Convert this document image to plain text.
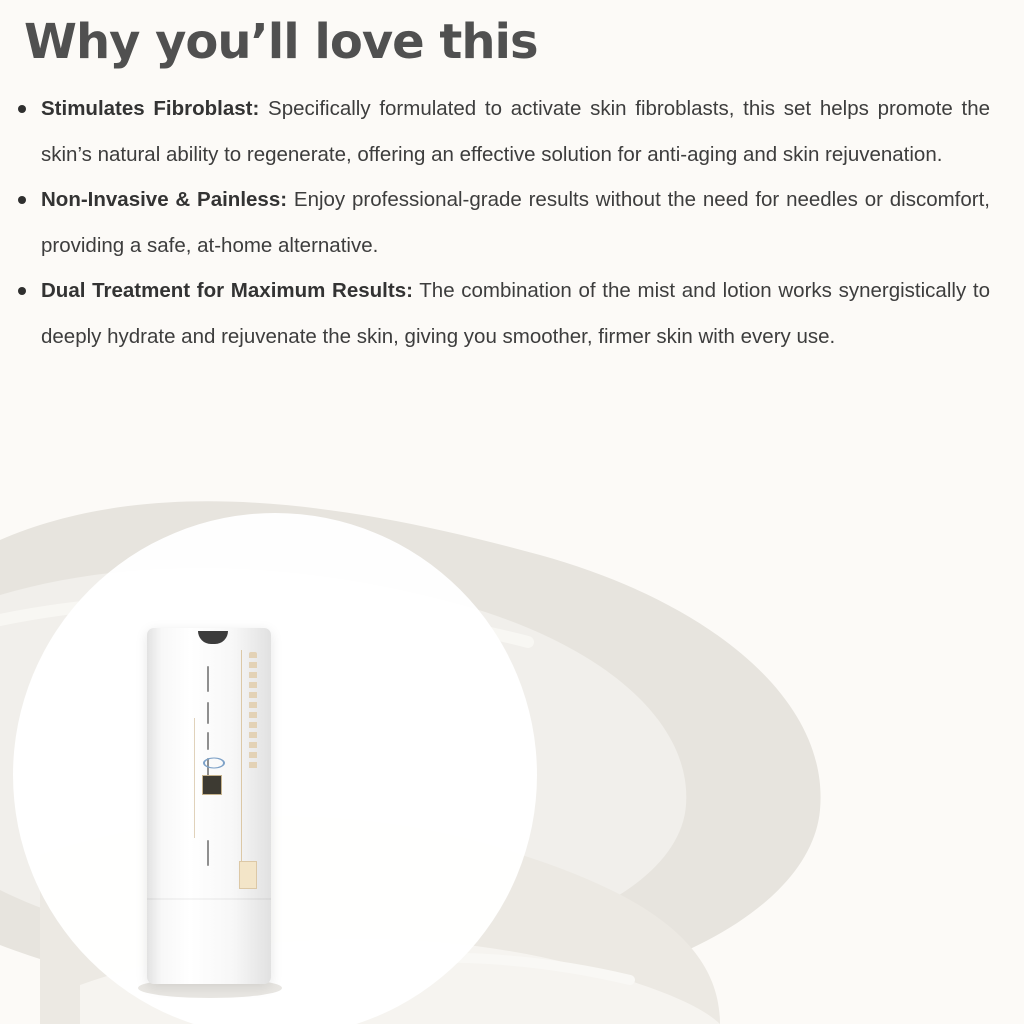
Why you’ll love this
Stimulates Fibroblast: Specifically formulated to activate skin fibroblasts, this set helps promote the skin’s natural ability to regenerate, offering an effective solution for anti-aging and skin rejuvenation.
Non-Invasive & Painless: Enjoy professional-grade results without the need for needles or discomfort, providing a safe, at-home alternative.
Dual Treatment for Maximum Results: The combination of the mist and lotion works synergistically to deeply hydrate and rejuvenate the skin, giving you smoother, firmer skin with every use.
